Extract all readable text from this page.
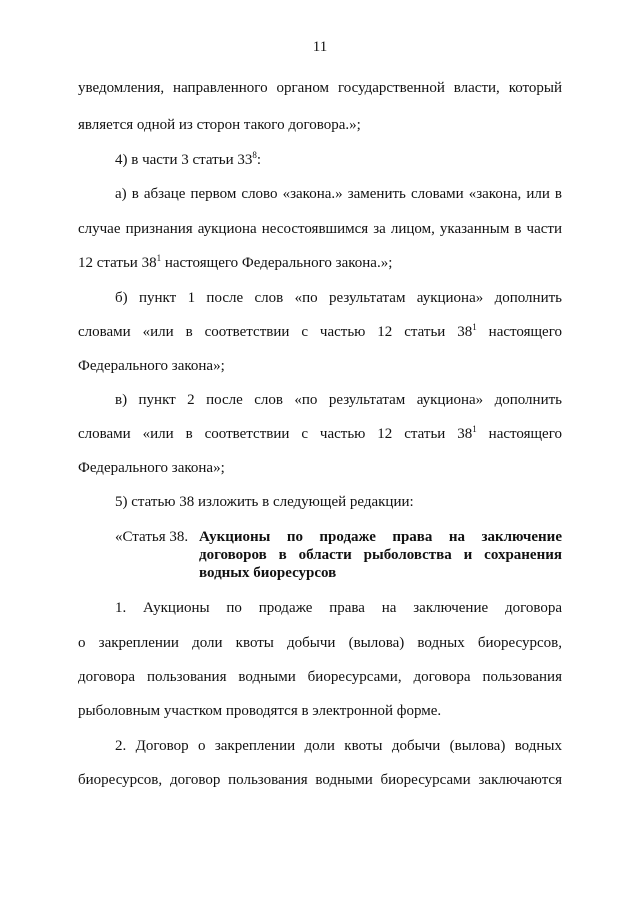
11
уведомления, направленного органом государственной власти, который
является одной из сторон такого договора.»;
4) в части 3 статьи $33^8$:
а) в абзаце первом слово «закона.» заменить словами «закона, или в
случае признания аукциона несостоявшимся за лицом, указанным в части
12 статьи $38^1$ настоящего Федерального закона.»;
б) пункт 1 после слов «по результатам аукциона» дополнить
словами «или в соответствии с частью 12 статьи $38^1$ настоящего
Федерального закона»;
в) пункт 2 после слов «по результатам аукциона» дополнить
словами «или в соответствии с частью 12 статьи $38^1$ настоящего
Федерального закона»;
5) статью 38 изложить в следующей редакции:
«Статья 38. Аукционы по продаже права на заключение
договоров в области рыболовства и сохранения
водных биоресурсов
1. Аукционы по продаже права на заключение договора
о закреплении доли квоты добычи (вылова) водных биоресурсов,
договора пользования водными биоресурсами, договора пользования
рыболовным участком проводятся в электронной форме.
2. Договор о закреплении доли квоты добычи (вылова) водных
биоресурсов, договор пользования водными биоресурсами заключаются
